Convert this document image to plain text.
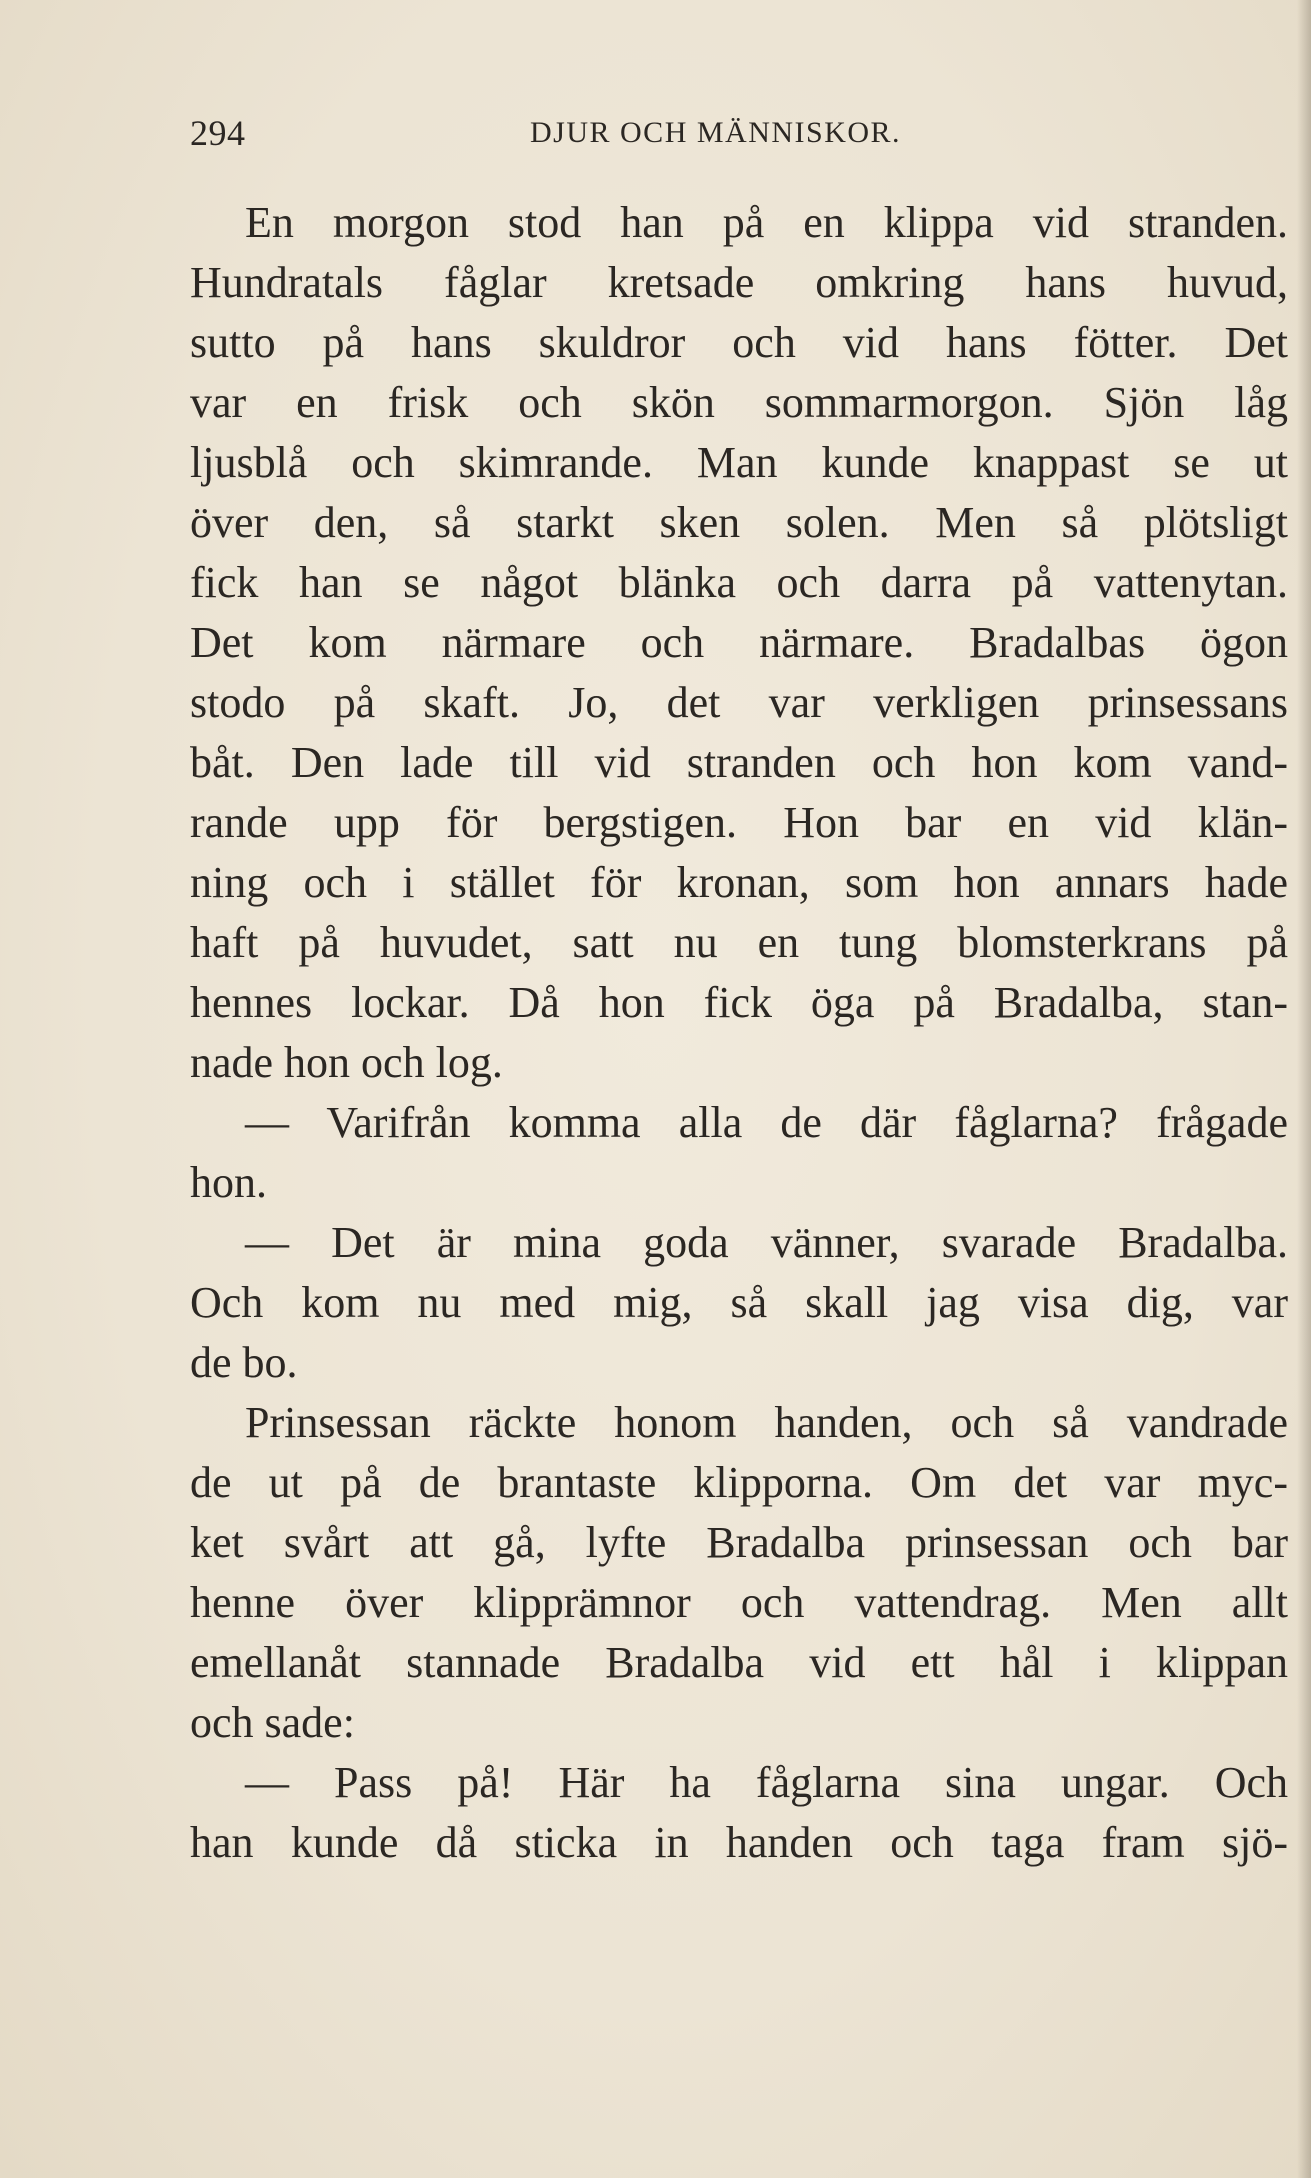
294	DJUR OCH MÄNNISKOR.
En morgon stod han på en klippa vid stranden.
Hundratals fåglar kretsade omkring hans huvud,
sutto på hans skuldror och vid hans fötter. Det
var en frisk och skön sommarmorgon. Sjön låg
ljusblå och skimrande. Man kunde knappast se ut
över den, så starkt sken solen. Men så plötsligt
fick han se något blänka och darra på vattenytan.
Det kom närmare och närmare. Bradalbas ögon
stodo på skaft. Jo, det var verkligen prinsessans
båt. Den lade till vid stranden och hon kom vand-
rande upp för bergstigen. Hon bar en vid klän-
ning och i stället för kronan, som hon annars hade
haft på huvudet, satt nu en tung blomsterkrans på
hennes lockar. Då hon fick öga på Bradalba, stan-
nade hon och log.
— Varifrån komma alla de där fåglarna? frågade
hon.
— Det är mina goda vänner, svarade Bradalba.
Och kom nu med mig, så skall jag visa dig, var
de bo.
Prinsessan räckte honom handen, och så vandrade
de ut på de brantaste klipporna. Om det var myc-
ket svårt att gå, lyfte Bradalba prinsessan och bar
henne över klipprämnor och vattendrag. Men allt
emellanåt stannade Bradalba vid ett hål i klippan
och sade:
— Pass på! Här ha fåglarna sina ungar. Och
han kunde då sticka in handen och taga fram sjö-
